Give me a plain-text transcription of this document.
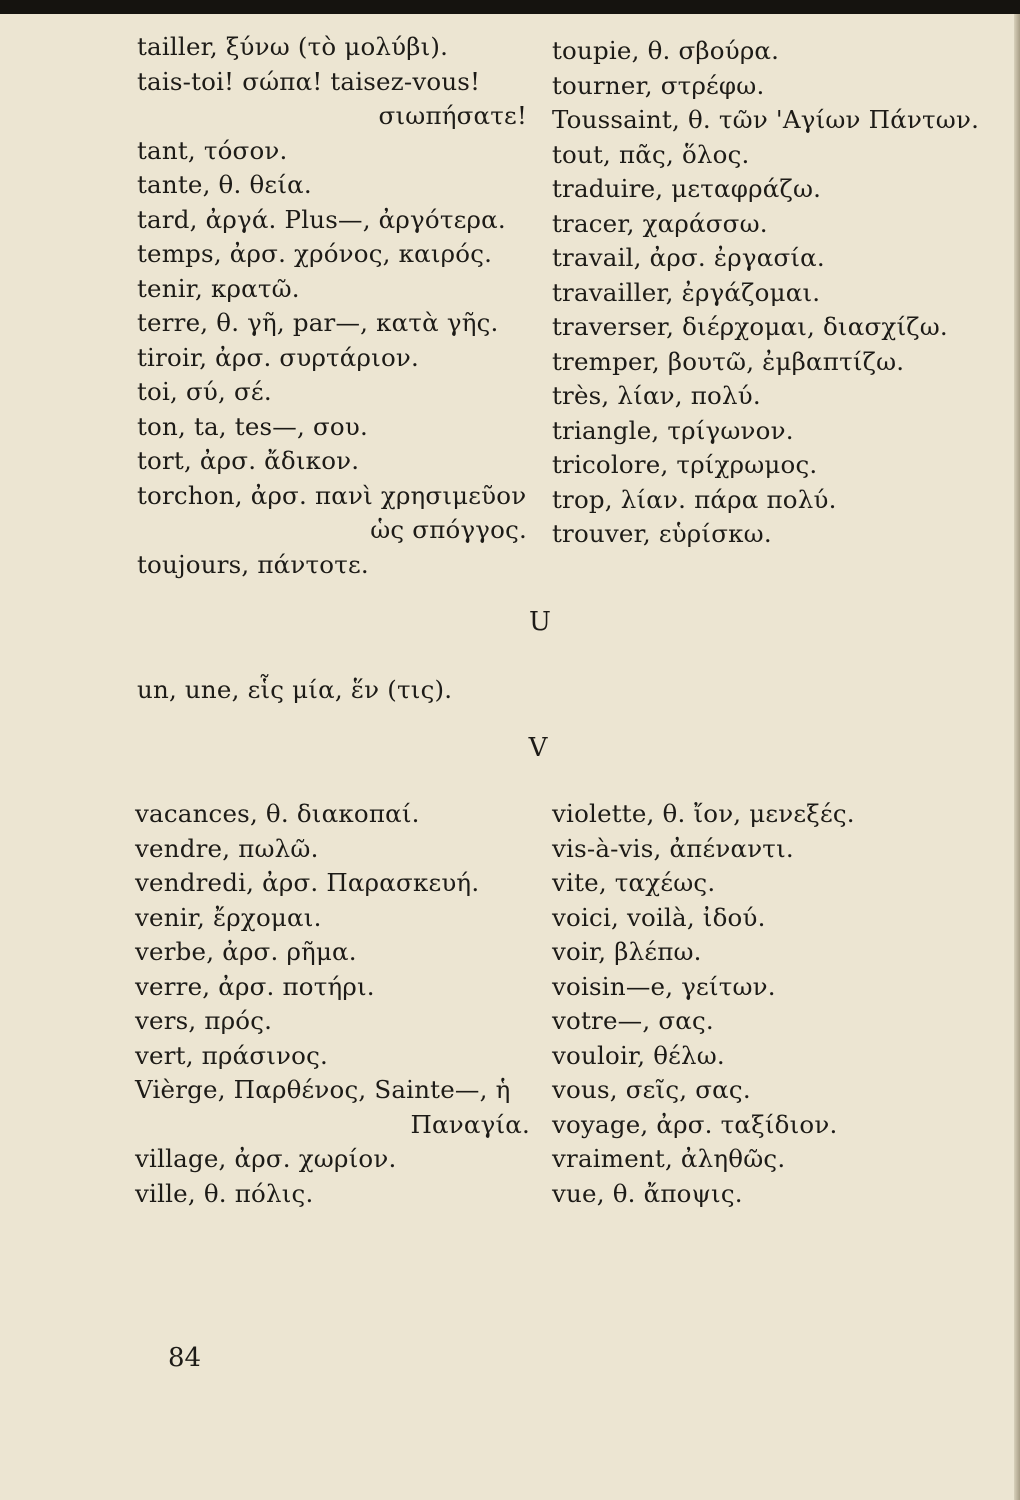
tailler, ξύνω (τὸ μολύβι).
tais-toi! σώπα! taisez-vous!
σιωπήσατε!
tant, τόσον.
tante, θ. θεία.
tard, ἀργά. Plus—, ἀργότερα.
temps, ἀρσ. χρόνος, καιρός.
tenir, κρατῶ.
terre, θ. γῆ, par—, κατὰ γῆς.
tiroir, ἀρσ. συρτάριον.
toi, σύ, σέ.
ton, ta, tes—, σου.
tort, ἀρσ. ἄδικον.
torchon, ἀρσ. πανὶ χρησιμεῦον
ὡς σπόγγος.
toujours, πάντοτε.
toupie, θ. σβούρα.
tourner, στρέφω.
Toussaint, θ. τῶν 'Αγίων Πάντων.
tout, πᾶς, ὅλος.
traduire, μεταφράζω.
tracer, χαράσσω.
travail, ἀρσ. ἐργασία.
travailler, ἐργάζομαι.
traverser, διέρχομαι, διασχίζω.
tremper, βουτῶ, ἐμβαπτίζω.
très, λίαν, πολύ.
triangle, τρίγωνον.
tricolore, τρίχρωμος.
trop, λίαν. πάρα πολύ.
trouver, εὑρίσκω.
U
un, une, εἷς μία, ἕν (τις).
V
vacances, θ. διακοπαί.
vendre, πωλῶ.
vendredi, ἀρσ. Παρασκευή.
venir, ἔρχομαι.
verbe, ἀρσ. ρῆμα.
verre, ἀρσ. ποτήρι.
vers, πρός.
vert, πράσινος.
Vièrge, Παρθένος, Sainte—, ἡ
Παναγία.
village, ἀρσ. χωρίον.
ville, θ. πόλις.
violette, θ. ἴον, μενεξές.
vis-à-vis, ἀπέναντι.
vite, ταχέως.
voici, voilà, ἰδού.
voir, βλέπω.
voisin—e, γείτων.
votre—, σας.
vouloir, θέλω.
vous, σεῖς, σας.
voyage, ἀρσ. ταξίδιον.
vraiment, ἀληθῶς.
vue, θ. ἄποψις.
84
